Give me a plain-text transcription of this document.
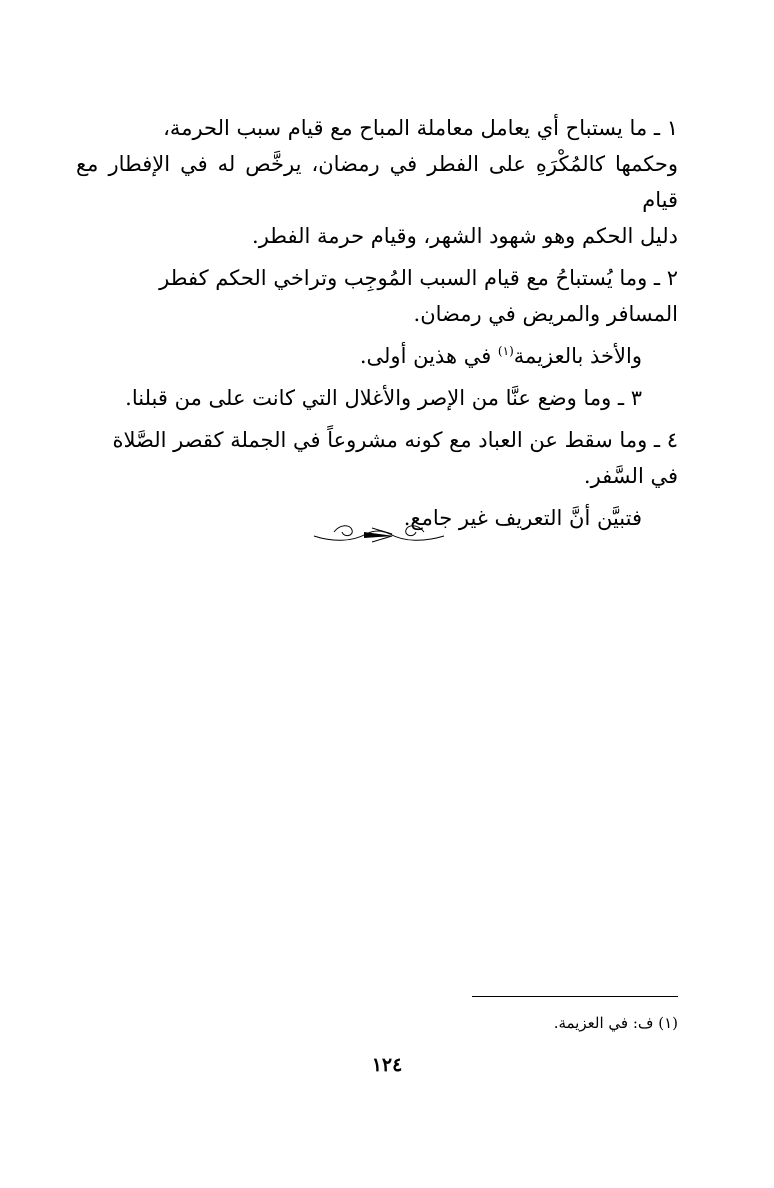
١ ـ ما يستباح أي يعامل معاملة المباح مع قيام سبب الحرمة،
وحكمها كالمُكْرَهِ على الفطر في رمضان، يرخَّص له في الإفطار مع قيام
دليل الحكم وهو شهود الشهر، وقيام حرمة الفطر.

٢ ـ وما يُستباحُ مع قيام السبب المُوجِب وتراخي الحكم كفطر
المسافر والمريض في رمضان.

والأخذ بالعزيمة$^{(١)}$ في هذين أولى.

٣ ـ وما وضع عنَّا من الإصر والأغلال التي كانت على من قبلنا.

٤ ـ وما سقط عن العباد مع كونه مشروعاً في الجملة كقصر الصَّلاة
في السَّفر.

فتبيَّن أنَّ التعريف غير جامع.

(١) ف: في العزيمة.
١٢٤
